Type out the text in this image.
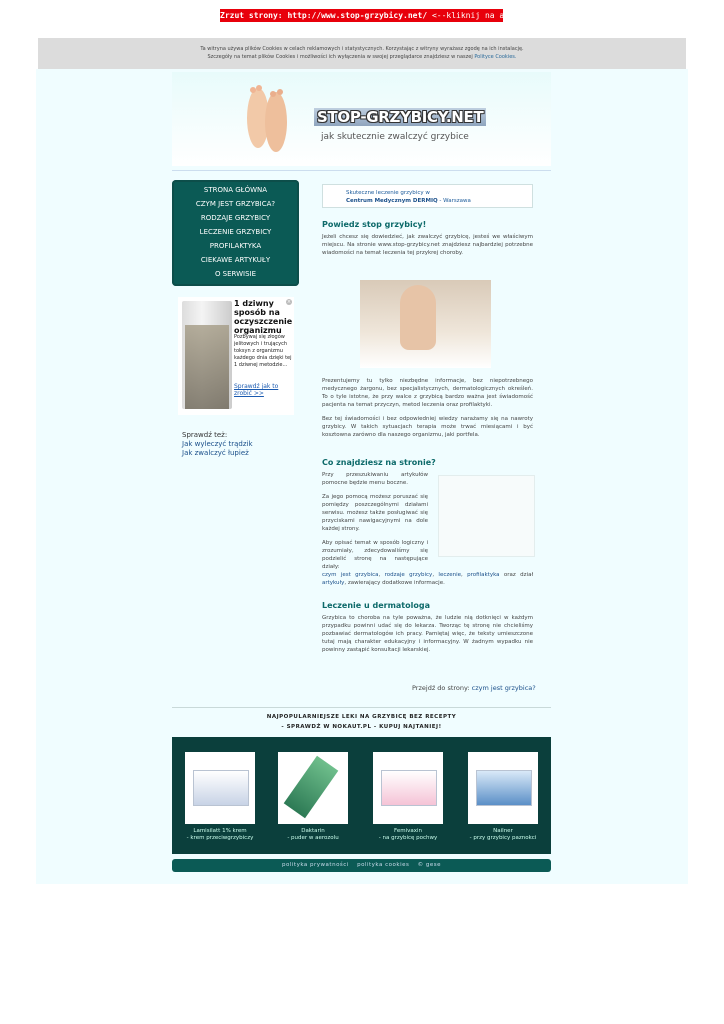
Zrzut strony: http://www.stop-grzybicy.net/ <--kliknij na adresie
Ta witryna używa plików Cookies w celach reklamowych i statystycznych. Korzystając z witryny wyrażasz zgodę na ich instalację.
Szczegóły na temat plików Cookies i możliwości ich wyłączenia w swojej przeglądarce znajdziesz w naszej Polityce Cookies.
STOP-GRZYBICY.NET
jak skutecznie zwalczyć grzybice
STRONA GŁÓWNA
CZYM JEST GRZYBICA?
RODZAJE GRZYBICY
LECZENIE GRZYBICY
PROFILAKTYKA
CIEKAWE ARTYKUŁY
O SERWISIE
×
1 dziwny sposób na oczyszczenie organizmu
Pozbywaj się złogów jelitowych i trujących toksyn z organizmu każdego dnia dzięki tej 1 dziwnej metodzie...
Sprawdź jak to zrobić >>
Sprawdź też:
Jak wyleczyć trądzik
Jak zwalczyć łupież
Skuteczne leczenie grzybicy w
Centrum Medycznym DERMIQ - Warszawa
Powiedz stop grzybicy!

Jeżeli chcesz się dowiedzieć, jak zwalczyć grzybicę, jesteś we właściwym miejscu. Na stronie www.stop-grzybicy.net znajdziesz najbardziej potrzebne wiadomości na temat leczenia tej przykrej choroby.

Prezentujemy tu tylko niezbędne informacje, bez niepotrzebnego medycznego żargonu, bez specjalistycznych, dermatologicznych określeń. To o tyle istotne, że przy walce z grzybicą bardzo ważna jest świadomość pacjenta na temat przyczyn, metod leczenia oraz profilaktyki.

Bez tej świadomości i bez odpowiedniej wiedzy narażamy się na nawroty grzybicy. W takich sytuacjach terapia może trwać miesiącami i być kosztowna zarówno dla naszego organizmu, jaki portfela.

Co znajdziesz na stronie?

Przy przeszukiwaniu artykułów pomocne będzie menu boczne.

Za jego pomocą możesz poruszać się pomiędzy poszczególnymi działami serwisu. możesz także posługiwać się przyciskami nawigacyjnymi na dole każdej strony.

Aby opisać temat w sposób logiczny i zrozumiały, zdecydowaliśmy się podzielić stronę na następujące działy:

czym jest grzybica, rodzaje grzybicy, leczenie, profilaktyka oraz dział artykuły, zawierający dodatkowe informacje.

Leczenie u dermatologa

Grzybica to choroba na tyle poważna, że ludzie nią dotknięci w każdym przypadku powinni udać się do lekarza. Tworząc tę stronę nie chcieliśmy pozbawiać dermatologów ich pracy. Pamiętaj więc, że teksty umieszczone tutaj mają charakter edukacyjny i informacyjny. W żadnym wypadku nie powinny zastąpić konsultacji lekarskiej.

Przejdź do strony: czym jest grzybica?
NAJPOPULARNIEJSZE LEKI NA GRZYBICĘ BEZ RECEPTY
- SPRAWDŹ W NOKAUT.PL - KUPUJ NAJTANIEJ!
Lamisilatt 1% krem
- krem przeciwgrzybiczy
Daktarin
- puder w aerozolu
Femivaxin
- na grzybicę pochwy
Nailner
- przy grzybicy paznokci
polityka prywatności polityka cookies © gese
